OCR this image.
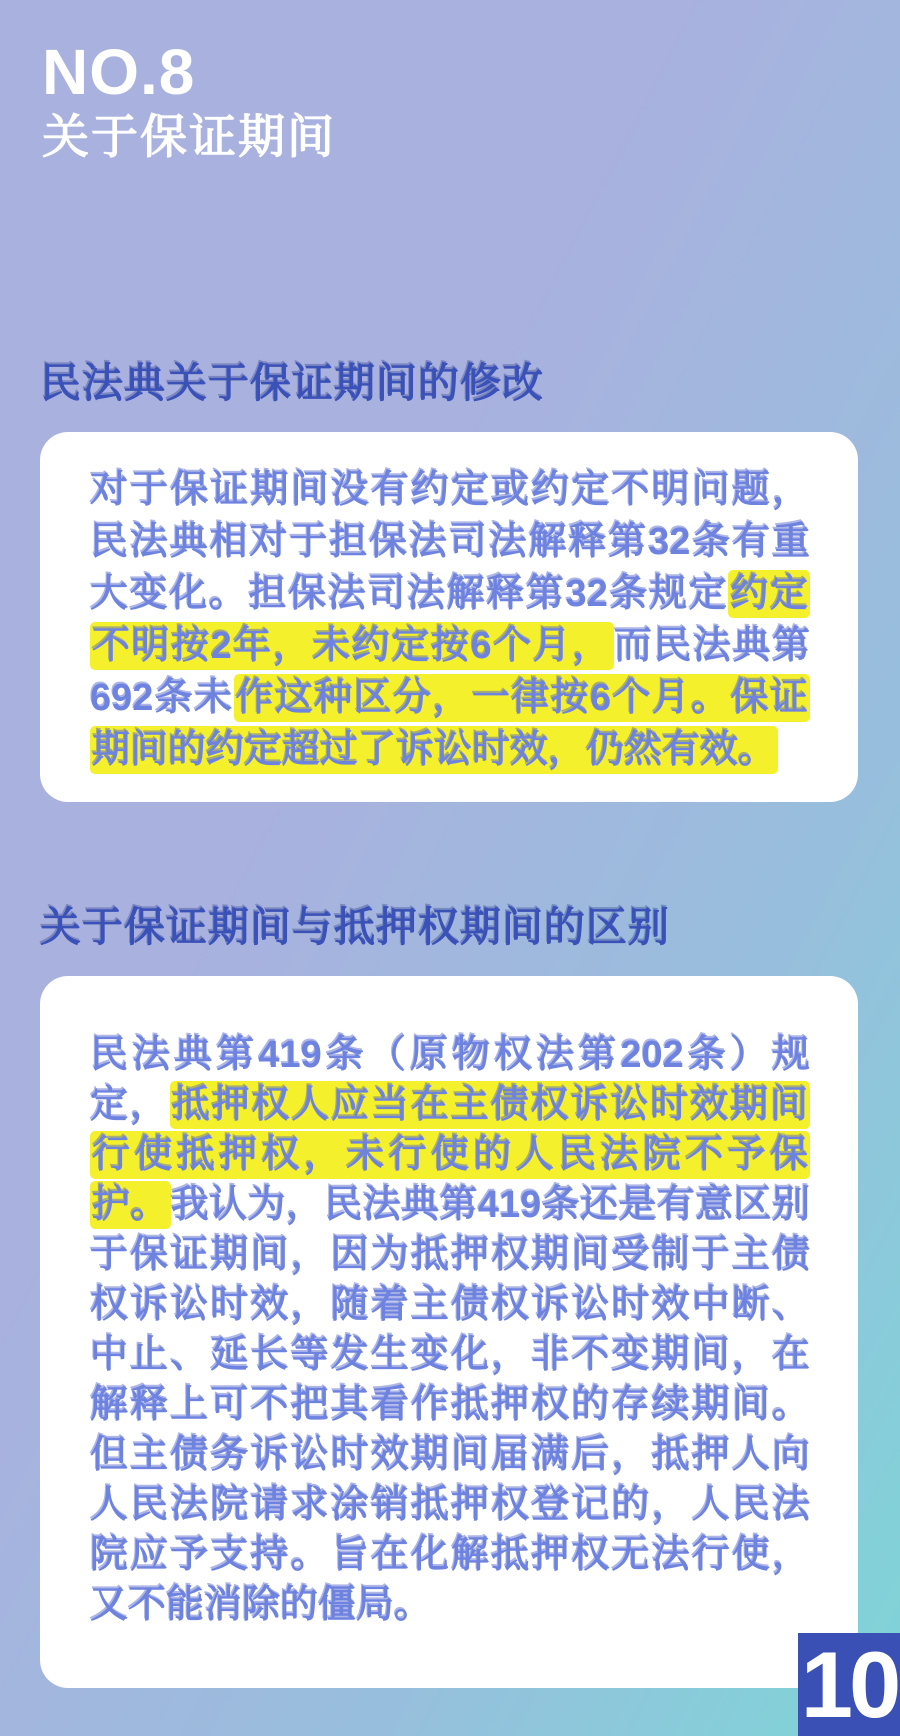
NO.8
关于保证期间
民法典关于保证期间的修改

对于保证期间没有约定或约定不明问题，民法典相对于担保法司法解释第32条有重大变化。担保法司法解释第32条规定约定不明按2年，未约定按6个月，而民法典第692条未作这种区分，一律按6个月。保证期间的约定超过了诉讼时效，仍然有效。

关于保证期间与抵押权期间的区别

民法典第419条（原物权法第202条）规定，抵押权人应当在主债权诉讼时效期间行使抵押权，未行使的人民法院不予保护。我认为，民法典第419条还是有意区别于保证期间，因为抵押权期间受制于主债权诉讼时效，随着主债权诉讼时效中断、中止、延长等发生变化，非不变期间，在解释上可不把其看作抵押权的存续期间。但主债务诉讼时效期间届满后，抵押人向人民法院请求涂销抵押权登记的，人民法院应予支持。旨在化解抵押权无法行使，又不能消除的僵局。

10
